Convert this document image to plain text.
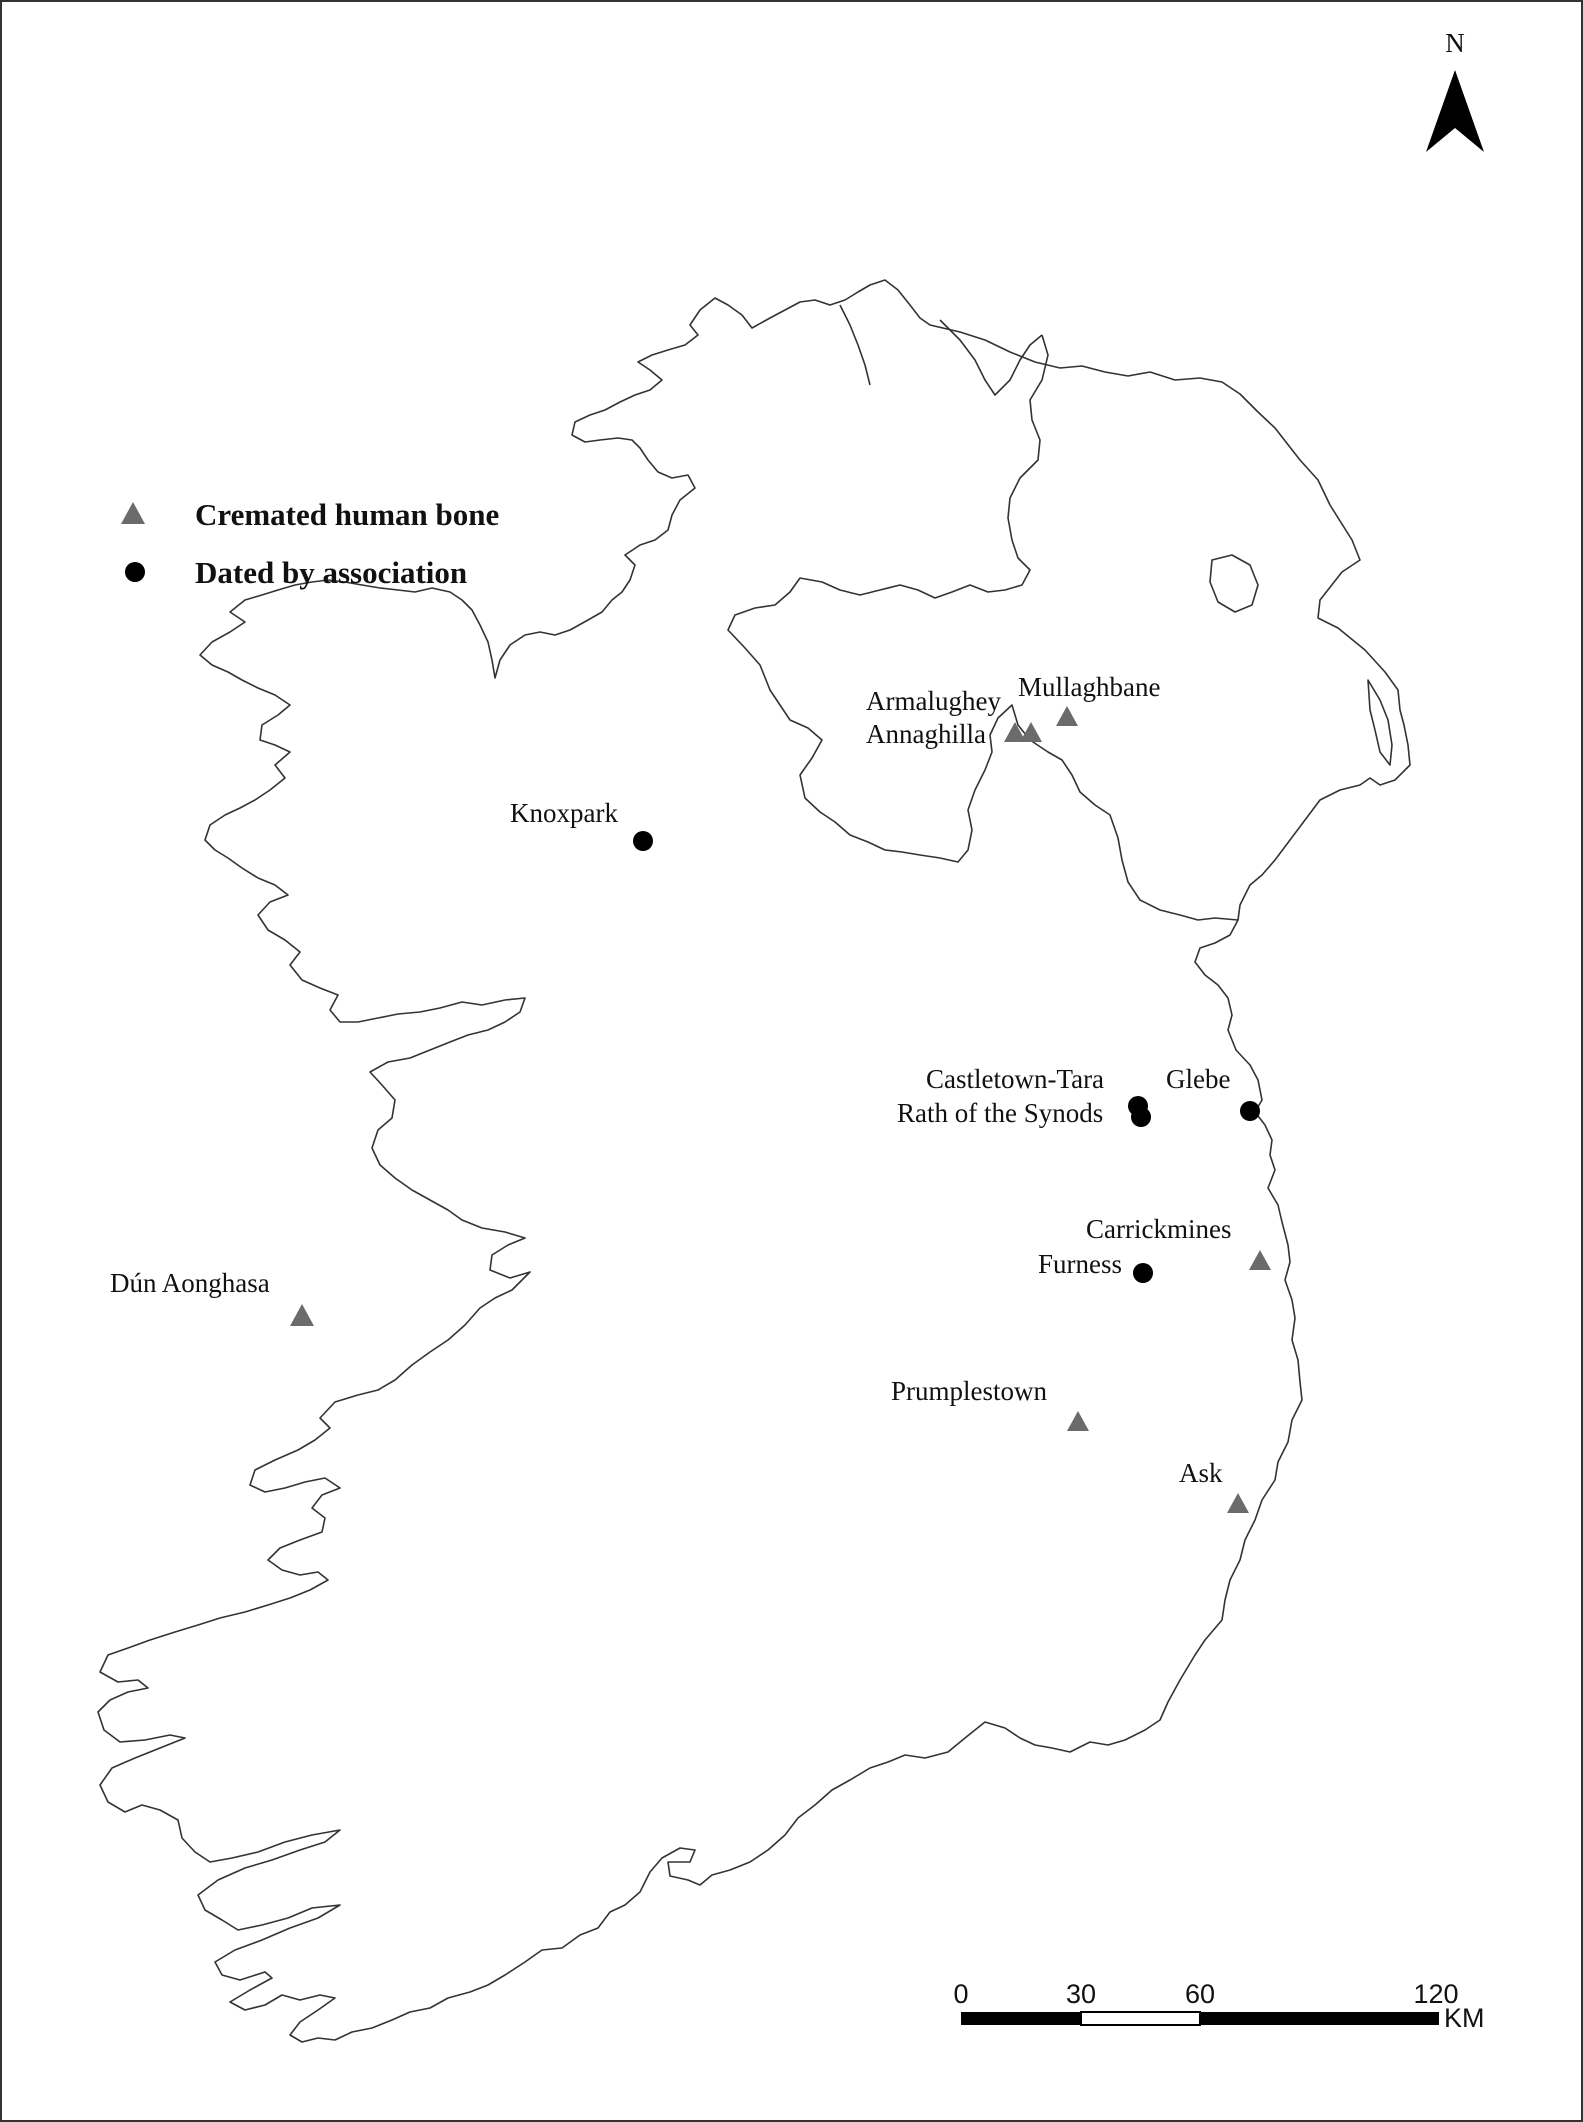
N
Cremated human bone
Dated by association
Mullaghbane
Armalughey
Annaghilla
Knoxpark
Castletown-Tara
Rath of the Synods
Glebe
Carrickmines
Furness
Dún Aonghasa
Prumplestown
Ask
0	30	60	120
KM
